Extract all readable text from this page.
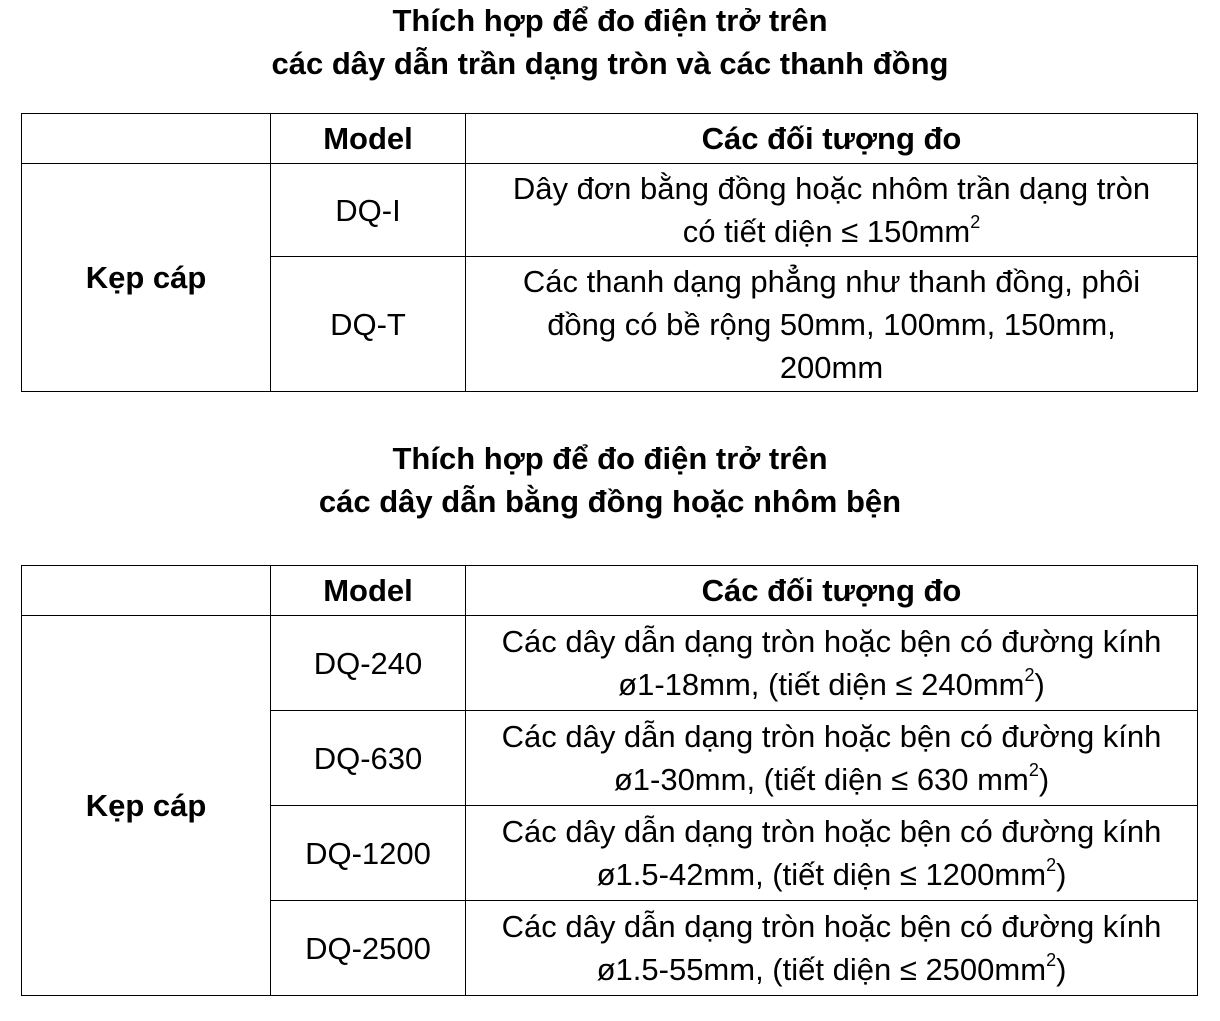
Thích hợp để đo điện trở trên
các dây dẫn trần dạng tròn và các thanh đồng
	Model	Các đối tượng đo
Kẹp cáp	DQ-I	Dây đơn bằng đồng hoặc nhôm trần dạng tròn
có tiết diện ≤ $150mm^2$

	DQ-T	Các thanh dạng phẳng như thanh đồng, phôi
đồng có bề rộng 50mm, 100mm, 150mm,
200mm
Thích hợp để đo điện trở trên
các dây dẫn bằng đồng hoặc nhôm bện
	Model	Các đối tượng đo
Kẹp cáp	DQ-240	Các dây dẫn dạng tròn hoặc bện có đường kính
ø1-18mm, (tiết diện ≤ $240mm^2$)

	DQ-630	Các dây dẫn dạng tròn hoặc bện có đường kính
ø1-30mm, (tiết diện ≤ 630 $mm^2$)

	DQ-1200	Các dây dẫn dạng tròn hoặc bện có đường kính
ø1.5-42mm, (tiết diện ≤ $1200mm^2$)

	DQ-2500	Các dây dẫn dạng tròn hoặc bện có đường kính
ø1.5-55mm, (tiết diện ≤ $2500mm^2$)
